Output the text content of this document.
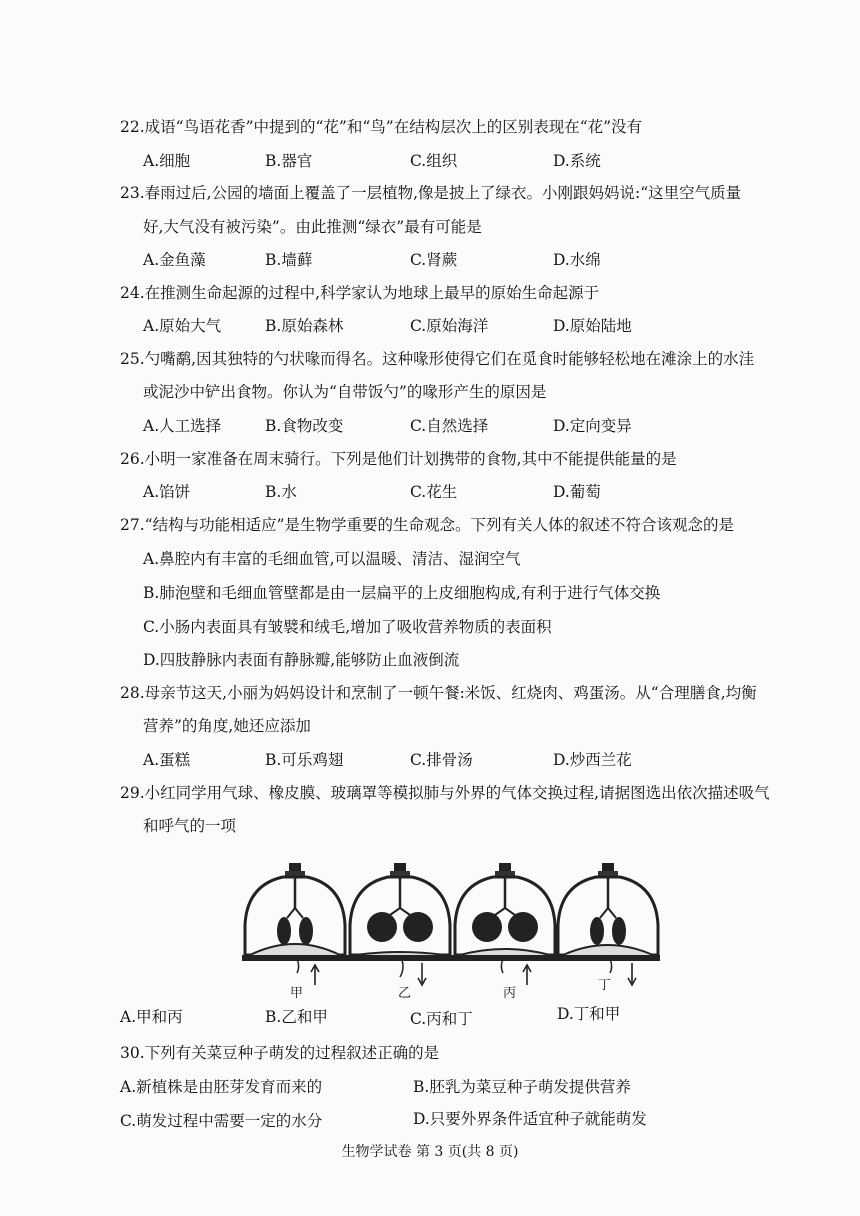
22.成语“鸟语花香”中提到的“花”和“鸟”在结构层次上的区别表现在“花”没有
A.细胞	B.器官	C.组织	D.系统
23.春雨过后,公园的墙面上覆盖了一层植物,像是披上了绿衣。小刚跟妈妈说:“这里空气质量
好,大气没有被污染”。由此推测“绿衣”最有可能是
A.金鱼藻	B.墙藓	C.肾蕨	D.水绵
24.在推测生命起源的过程中,科学家认为地球上最早的原始生命起源于
A.原始大气	B.原始森林	C.原始海洋	D.原始陆地
25.勺嘴鹬,因其独特的勺状喙而得名。这种喙形使得它们在觅食时能够轻松地在滩涂上的水洼
或泥沙中铲出食物。你认为“自带饭勺”的喙形产生的原因是
A.人工选择	B.食物改变	C.自然选择	D.定向变异
26.小明一家准备在周末骑行。下列是他们计划携带的食物,其中不能提供能量的是
A.馅饼	B.水	C.花生	D.葡萄
27.“结构与功能相适应”是生物学重要的生命观念。下列有关人体的叙述不符合该观念的是
A.鼻腔内有丰富的毛细血管,可以温暖、清洁、湿润空气
B.肺泡壁和毛细血管壁都是由一层扁平的上皮细胞构成,有利于进行气体交换
C.小肠内表面具有皱襞和绒毛,增加了吸收营养物质的表面积
D.四肢静脉内表面有静脉瓣,能够防止血液倒流
28.母亲节这天,小丽为妈妈设计和烹制了一顿午餐:米饭、红烧肉、鸡蛋汤。从“合理膳食,均衡
营养”的角度,她还应添加
A.蛋糕	B.可乐鸡翅	C.排骨汤	D.炒西兰花
29.小红同学用气球、橡皮膜、玻璃罩等模拟肺与外界的气体交换过程,请据图选出依次描述吸气
和呼气的一项
甲	乙	丙
丁
A.甲和丙	B.乙和甲	C.丙和丁	D.丁和甲
30.下列有关菜豆种子萌发的过程叙述正确的是
A.新植株是由胚芽发育而来的	B.胚乳为菜豆种子萌发提供营养
C.萌发过程中需要一定的水分	D.只要外界条件适宜种子就能萌发
生物学试卷 第 3 页(共 8 页)
